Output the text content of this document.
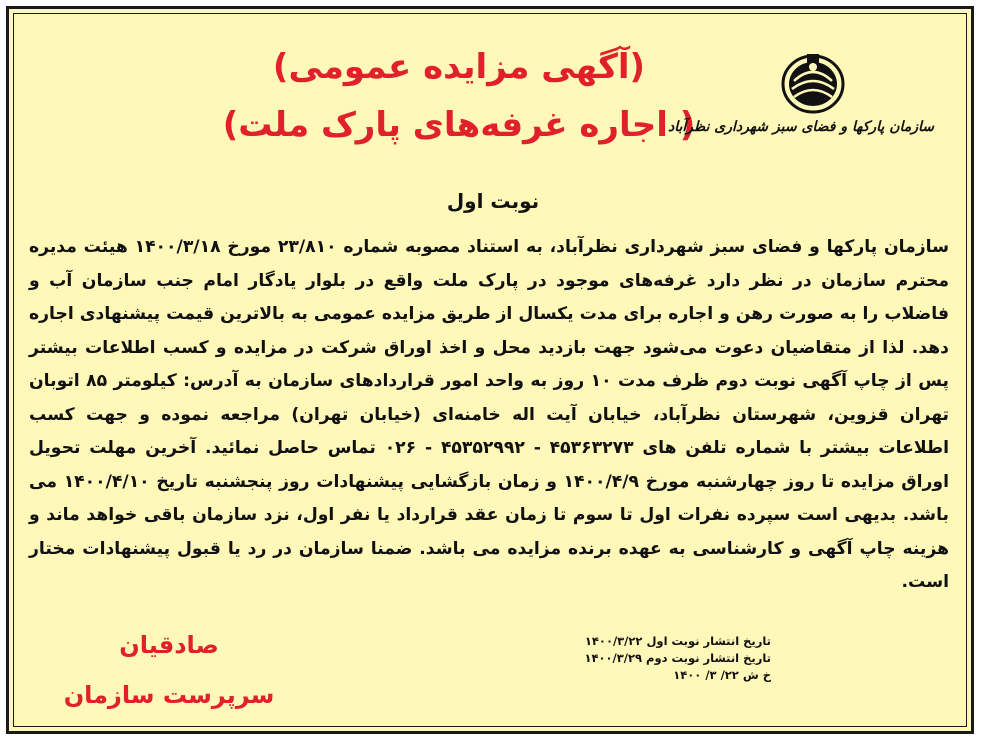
(آگهی مزایده عمومی)
( اجاره غرفه‌های پارک ملت)
سازمان پارکها و فضای سبز شهرداری نظرآباد
نوبت اول
سازمان پارکها و فضای سبز شهرداری نظرآباد، به استناد مصوبه شماره ۲۳/۸۱۰ مورخ ۱۴۰۰/۳/۱۸ هیئت مدیره محترم سازمان در نظر دارد غرفه‌های موجود در پارک ملت واقع در بلوار یادگار امام جنب سازمان آب و فاضلاب را به صورت رهن و اجاره برای مدت یکسال از طریق مزایده عمومی به بالاترین قیمت پیشنهادی اجاره دهد. لذا از متقاضیان دعوت می‌شود جهت بازدید محل و اخذ اوراق شرکت در مزایده و کسب اطلاعات بیشتر پس از چاپ آگهی نوبت دوم ظرف مدت ۱۰ روز به واحد امور قراردادهای سازمان به آدرس: کیلومتر ۸۵ اتوبان تهران قزوین، شهرستان نظرآباد، خیابان آیت اله خامنه‌ای (خیابان تهران) مراجعه نموده و جهت کسب اطلاعات بیشتر با شماره تلفن های ۴۵۳۶۳۲۷۳ - ۴۵۳۵۲۹۹۲ - ۰۲۶ تماس حاصل نمائید. آخرین مهلت تحویل اوراق مزایده تا روز چهارشنبه مورخ ۱۴۰۰/۴/۹ و زمان بازگشایی پیشنهادات روز پنجشنبه تاریخ ۱۴۰۰/۴/۱۰ می باشد. بدیهی است سپرده نفرات اول تا سوم تا زمان عقد قرارداد یا نفر اول، نزد سازمان باقی خواهد ماند و هزینه چاپ آگهی و کارشناسی به عهده برنده مزایده می باشد. ضمنا سازمان در رد یا قبول پیشنهادات مختار است.
تاریخ انتشار نوبت اول ۱۴۰۰/۳/۲۲
تاریخ انتشار نوبت دوم ۱۴۰۰/۳/۲۹
خ ش ۲۲/ ۳/ ۱۴۰۰
صادقیان
سرپرست سازمان
